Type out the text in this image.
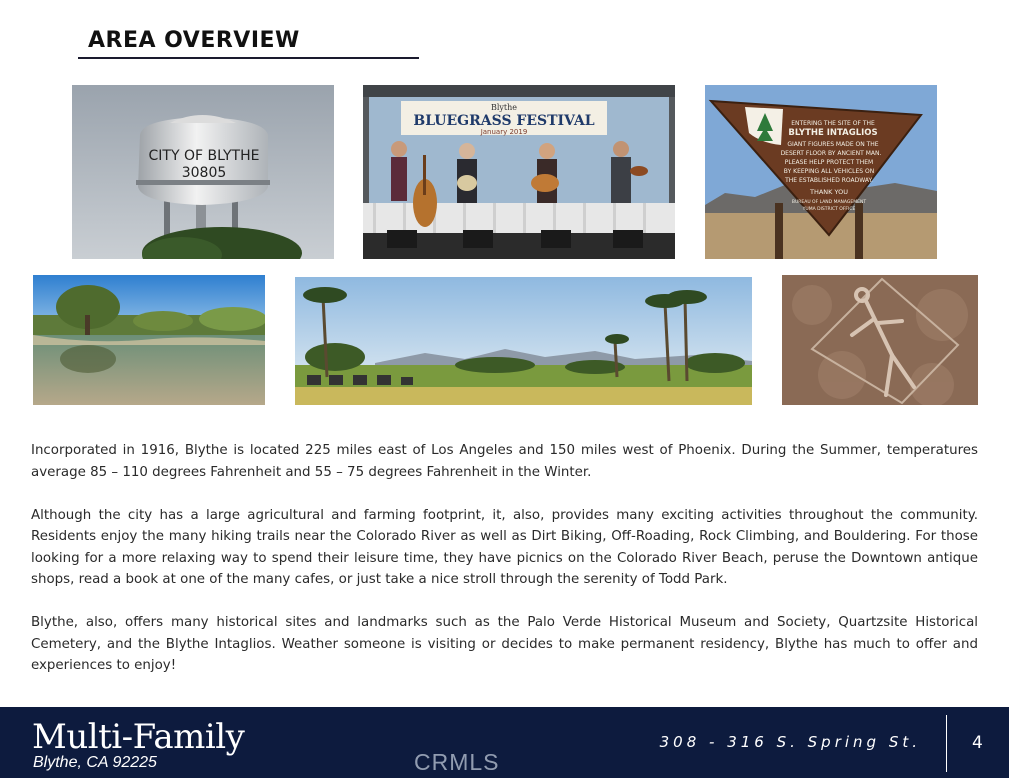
AREA OVERVIEW
CITY OF BLYTHE
30805
Blythe
BLUEGRASS FESTIVAL
January 2019
ENTERING THE SITE OF THE
BLYTHE INTAGLIOS
GIANT FIGURES MADE ON THE
DESERT FLOOR BY ANCIENT MAN.
PLEASE HELP PROTECT THEM
BY KEEPING ALL VEHICLES ON
THE ESTABLISHED ROADWAY.
THANK YOU
BUREAU OF LAND MANAGEMENT
YUMA DISTRICT OFFICE

Incorporated in 1916, Blythe is located 225 miles east of Los Angeles and 150 miles west of Phoenix. During the Summer, temperatures average 85 – 110 degrees Fahrenheit and 55 – 75 degrees Fahrenheit in the Winter.

Although the city has a large agricultural and farming footprint, it, also, provides many exciting activities throughout the community. Residents enjoy the many hiking trails near the Colorado River as well as Dirt Biking, Off-Roading, Rock Climbing, and Bouldering. For those looking for a more relaxing way to spend their leisure time, they have picnics on the Colorado River Beach, peruse the Downtown antique shops, read a book at one of the many cafes, or just take a nice stroll through the serenity of Todd Park.

Blythe, also, offers many historical sites and landmarks such as the Palo Verde Historical Museum and Society, Quartzsite Historical Cemetery, and the Blythe Intaglios. Weather someone is visiting or decides to make permanent residency, Blythe has much to offer and experiences to enjoy!

Multi-Family
Blythe, CA 92225	CRMLS
308 - 316 S. Spring St.	4
